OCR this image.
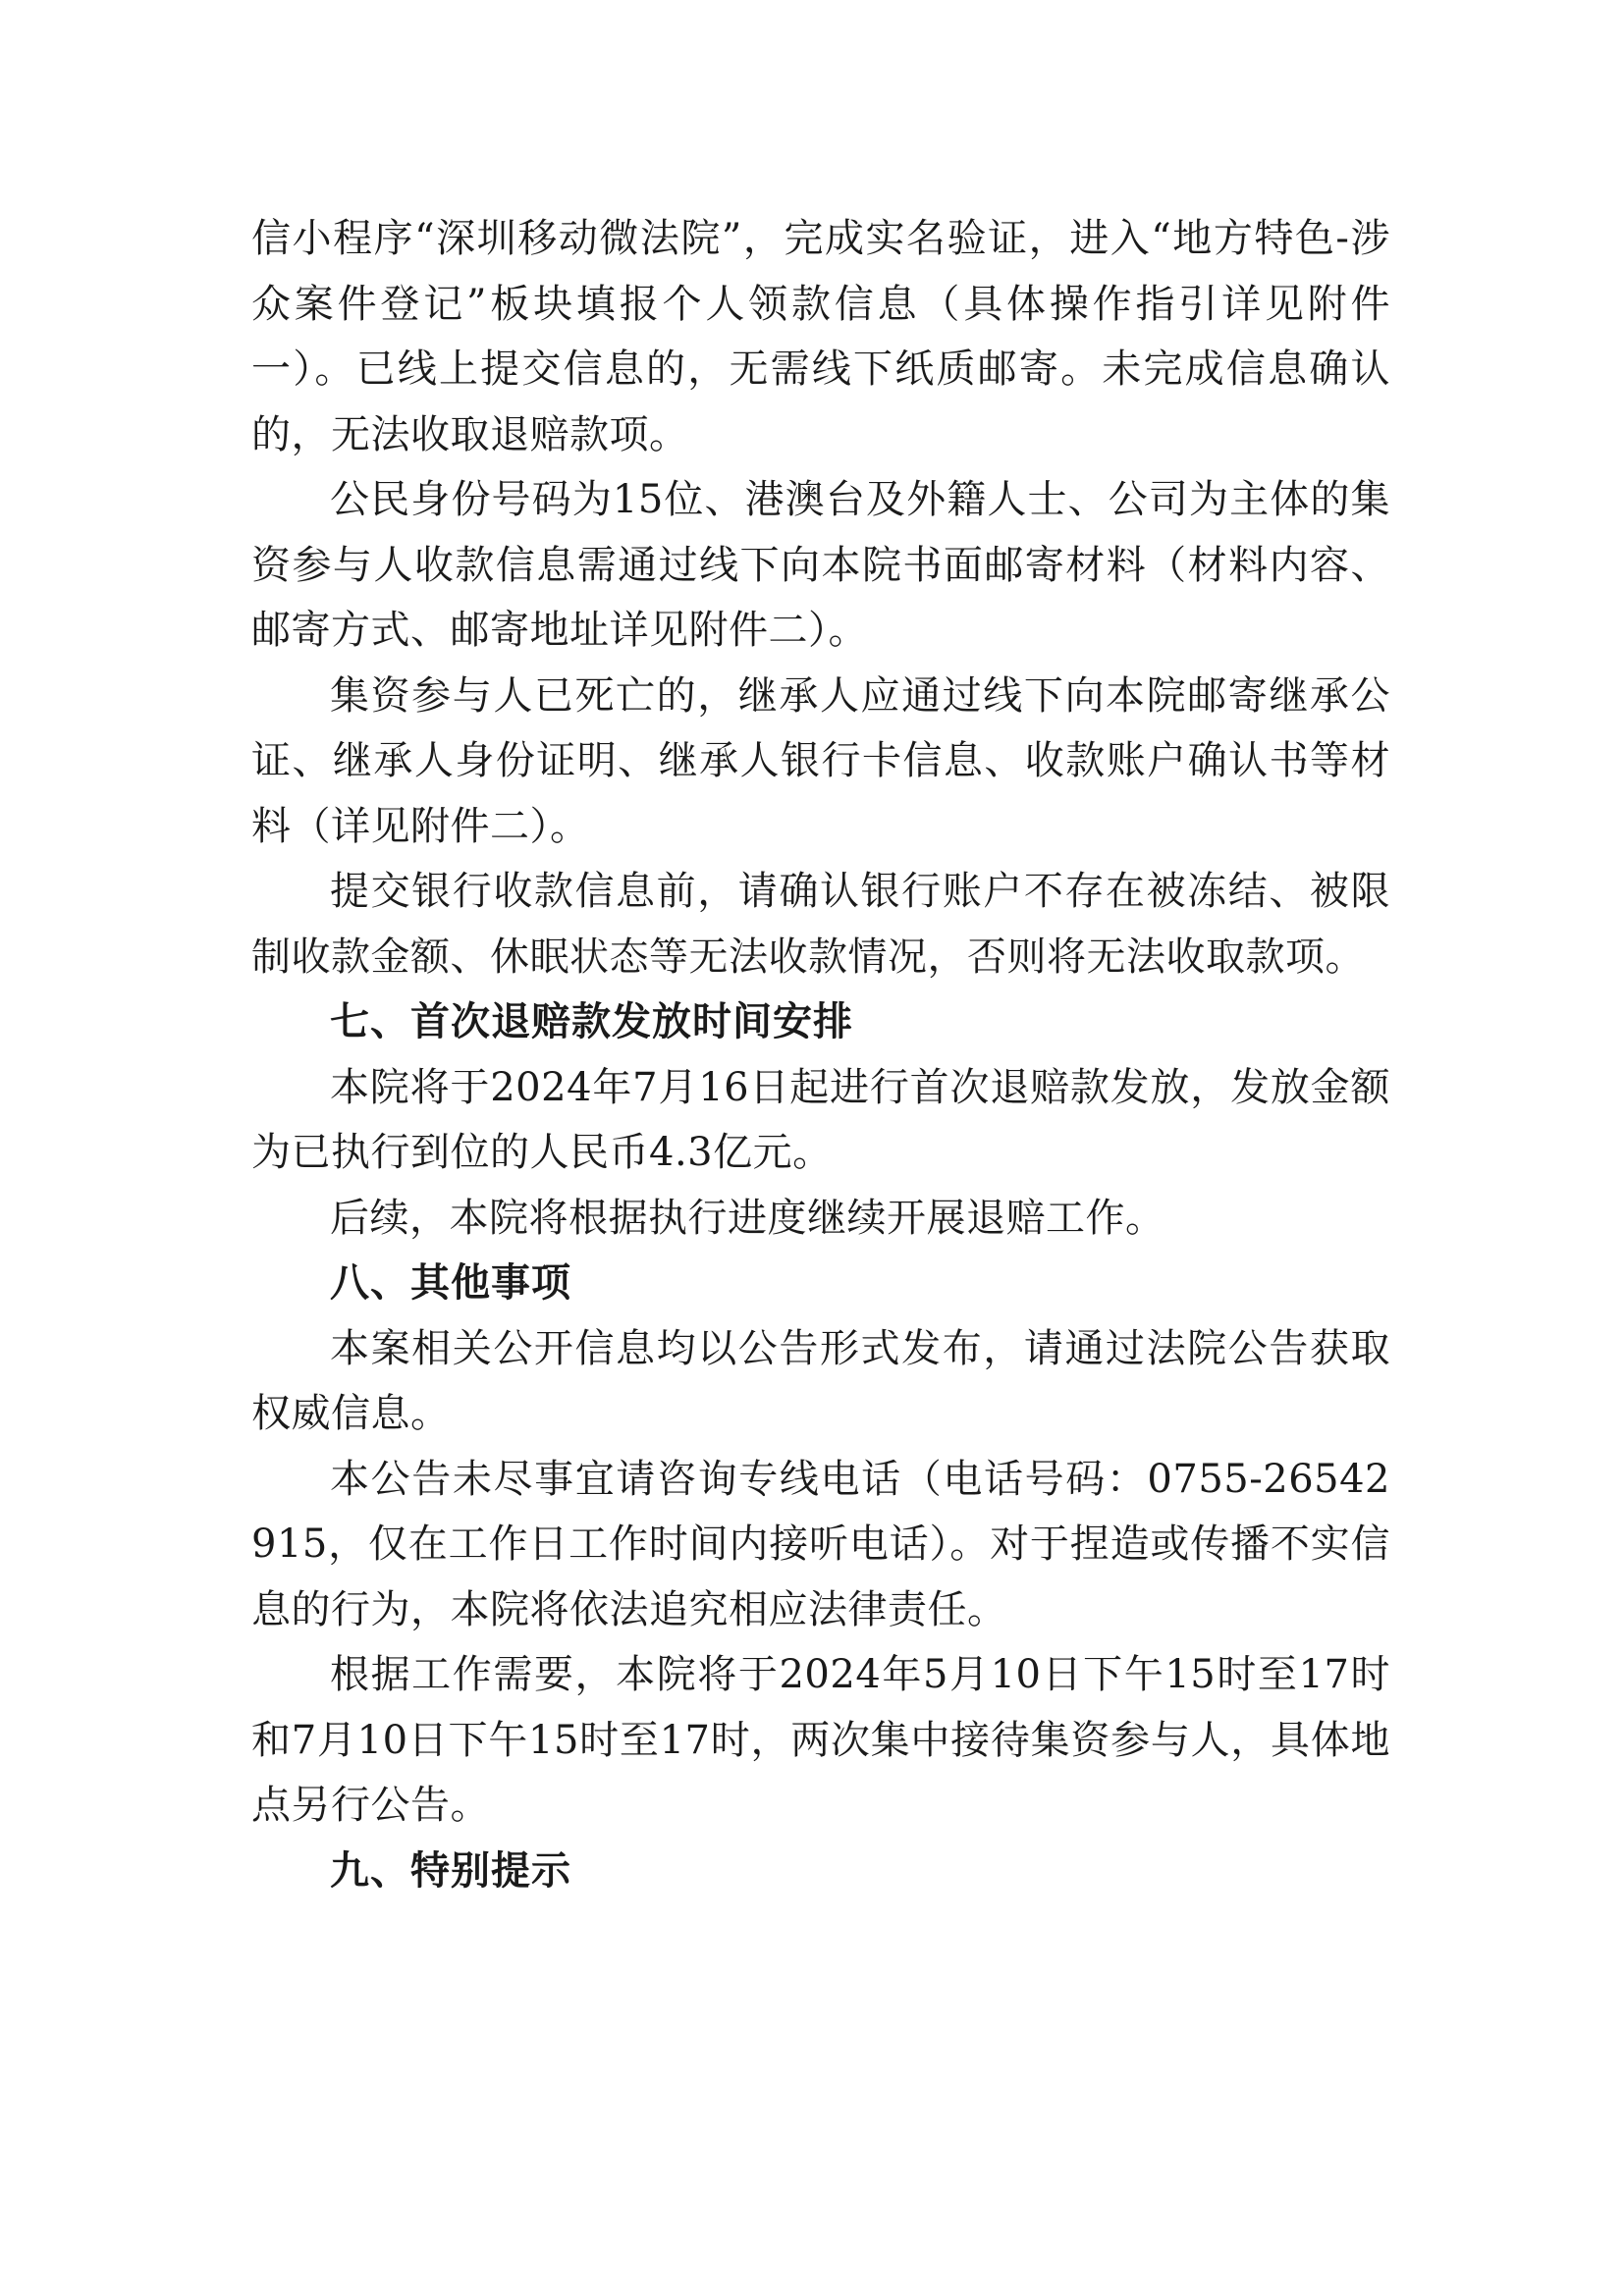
信小程序“深圳移动微法院”，完成实名验证，进入“地方特色-涉众案件登记”板块填报个人领款信息（具体操作指引详见附件一）。已线上提交信息的，无需线下纸质邮寄。未完成信息确认的，无法收取退赔款项。

公民身份号码为15位、港澳台及外籍人士、公司为主体的集资参与人收款信息需通过线下向本院书面邮寄材料（材料内容、邮寄方式、邮寄地址详见附件二）。

集资参与人已死亡的，继承人应通过线下向本院邮寄继承公证、继承人身份证明、继承人银行卡信息、收款账户确认书等材料（详见附件二）。

提交银行收款信息前，请确认银行账户不存在被冻结、被限制收款金额、休眠状态等无法收款情况，否则将无法收取款项。

七、首次退赔款发放时间安排

本院将于2024年7月16日起进行首次退赔款发放，发放金额为已执行到位的人民币4.3亿元。

后续，本院将根据执行进度继续开展退赔工作。

八、其他事项

本案相关公开信息均以公告形式发布，请通过法院公告获取权威信息。

本公告未尽事宜请咨询专线电话（电话号码：0755-26542915，仅在工作日工作时间内接听电话）。对于捏造或传播不实信息的行为，本院将依法追究相应法律责任。

根据工作需要，本院将于2024年5月10日下午15时至17时和7月10日下午15时至17时，两次集中接待集资参与人，具体地点另行公告。

九、特别提示
